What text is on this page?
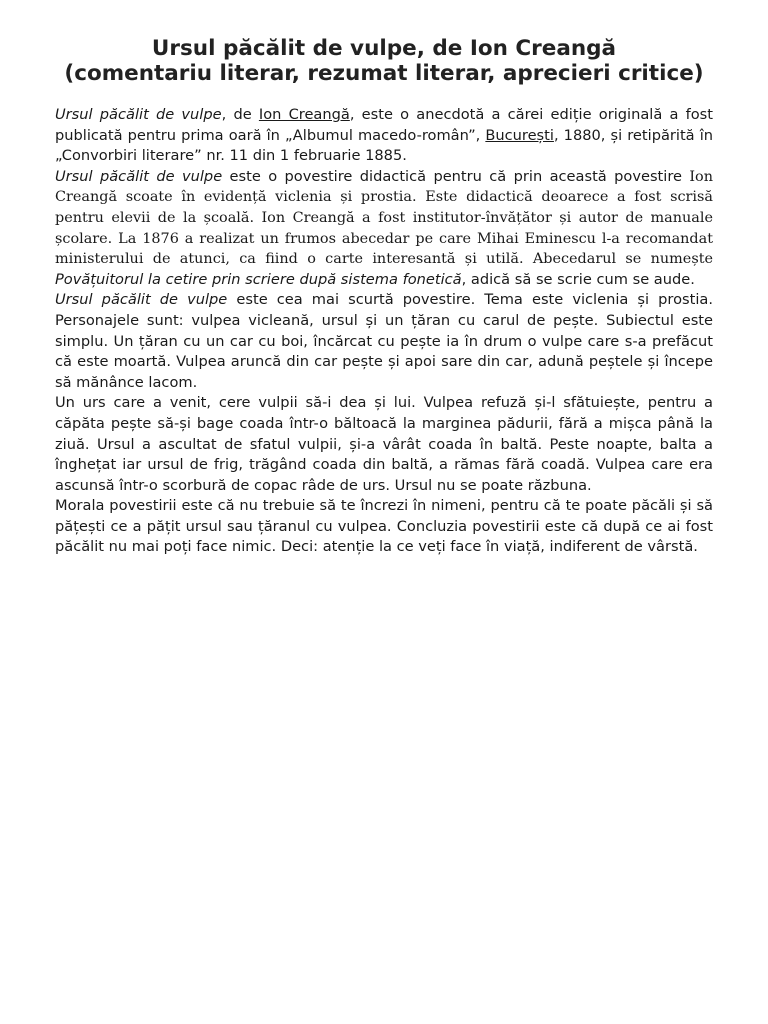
Ursul păcălit de vulpe, de Ion Creangă
(comentariu literar, rezumat literar, aprecieri critice)

Ursul păcălit de vulpe, de Ion Creangă, este o anecdotă a cărei ediție originală a fost publicată pentru prima oară în „Albumul macedo-român”, București, 1880, și retipărită în „Convorbiri literare” nr. 11 din 1 februarie 1885.

Ursul păcălit de vulpe este o povestire didactică pentru că prin această povestire Ion Creangă scoate în evidență viclenia și prostia. Este didactică deoarece a fost scrisă pentru elevii de la școală. Ion Creangă a fost institutor-învățător și autor de manuale școlare. La 1876 a realizat un frumos abecedar pe care Mihai Eminescu l-a recomandat ministerului de atunci, ca fiind o carte interesantă și utilă. Abecedarul se numește Povățuitorul la cetire prin scriere după sistema fonetică, adică să se scrie cum se aude.

Ursul păcălit de vulpe este cea mai scurtă povestire. Tema este viclenia și prostia. Personajele sunt: vulpea vicleană, ursul și un țăran cu carul de pește. Subiectul este simplu. Un țăran cu un car cu boi, încărcat cu pește ia în drum o vulpe care s-a prefăcut că este moartă. Vulpea aruncă din car pește și apoi sare din car, adună peștele și începe să mănânce lacom.

Un urs care a venit, cere vulpii să-i dea și lui. Vulpea refuză și-l sfătuiește, pentru a căpăta pește să-și bage coada într-o băltoacă la marginea pădurii, fără a mișca până la ziuă. Ursul a ascultat de sfatul vulpii, și-a vârât coada în baltă. Peste noapte, balta a înghețat iar ursul de frig, trăgând coada din baltă, a rămas fără coadă. Vulpea care era ascunsă într-o scorbură de copac râde de urs. Ursul nu se poate răzbuna.

Morala povestirii este că nu trebuie să te încrezi în nimeni, pentru că te poate păcăli și să pățești ce a pățit ursul sau țăranul cu vulpea. Concluzia povestirii este că după ce ai fost păcălit nu mai poți face nimic. Deci: atenție la ce veți face în viață, indiferent de vârstă.
